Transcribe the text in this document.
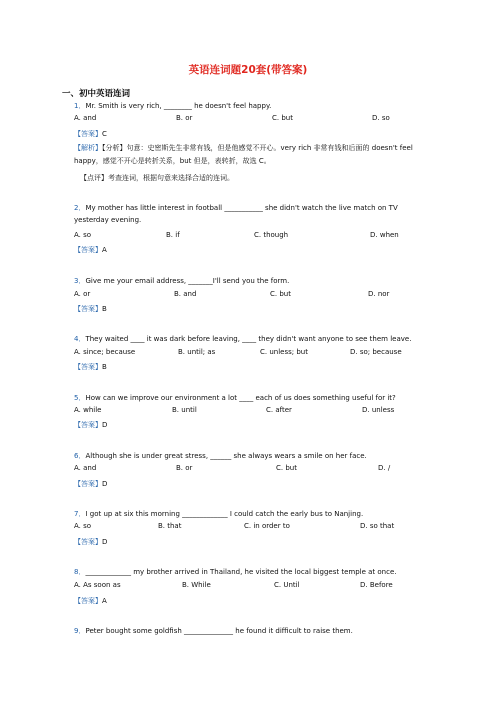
英语连词题20套(带答案)
一、初中英语连词
1．Mr. Smith is very rich, ________ he doesn't feel happy.
A. and	B. or	C. but	D. so
【答案】C
【解析】【分析】句意：史密斯先生非常有钱，但是他感觉不开心。very rich 非常有钱和后面的 doesn't feel happy，感觉不开心是转折关系，but 但是，表转折，故选 C。
【点评】考查连词，根据句意来选择合适的连词。
2．My mother has little interest in football ___________ she didn't watch the live match on TV yesterday evening.
A. so	B. if	C. though	D. when
【答案】A
3．Give me your email address, _______I'll send you the form.
A. or	B. and	C. but	D. nor
【答案】B
4．They waited ____ it was dark before leaving, ____ they didn't want anyone to see them leave.
A. since; because	B. until; as	C. unless; but	D. so; because
【答案】B
5．How can we improve our environment a lot ____ each of us does something useful for it?
A. while	B. until	C. after	D. unless
【答案】D
6．Although she is under great stress, ______ she always wears a smile on her face.
A. and	B. or	C. but	D. /
【答案】D
7．I got up at six this morning _____________ I could catch the early bus to Nanjing.
A. so	B. that	C. in order to	D. so that
【答案】D
8．_____________ my brother arrived in Thailand, he visited the local biggest temple at once.
A. As soon as	B. While	C. Until	D. Before
【答案】A
9．Peter bought some goldfish ______________ he found it difficult to raise them.
